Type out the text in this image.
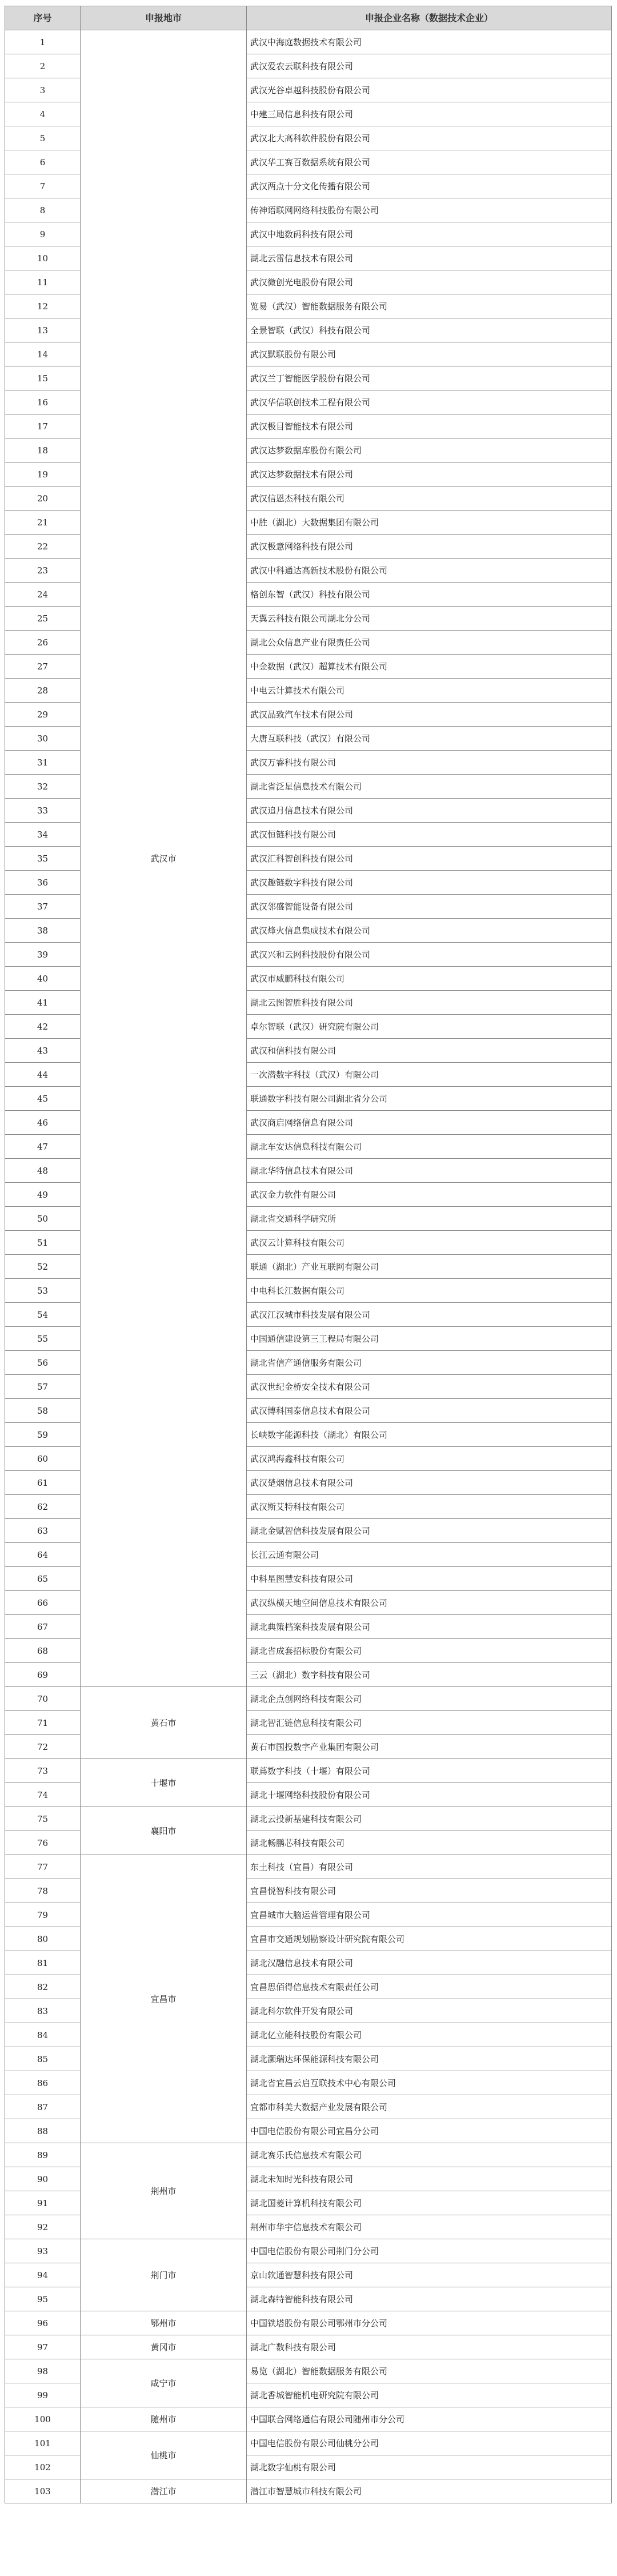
序号	申报地市	申报企业名称（数据技术企业）
1	武汉市	武汉中海庭数据技术有限公司
2		武汉爱农云联科技有限公司
3		武汉光谷卓越科技股份有限公司
4		中建三局信息科技有限公司
5		武汉北大高科软件股份有限公司
6		武汉华工赛百数据系统有限公司
7		武汉两点十分文化传播有限公司
8		传神语联网网络科技股份有限公司
9		武汉中地数码科技有限公司
10		湖北云雷信息技术有限公司
11		武汉微创光电股份有限公司
12		览易（武汉）智能数据服务有限公司
13		全景智联（武汉）科技有限公司
14		武汉默联股份有限公司
15		武汉兰丁智能医学股份有限公司
16		武汉华信联创技术工程有限公司
17		武汉极目智能技术有限公司
18		武汉达梦数据库股份有限公司
19		武汉达梦数据技术有限公司
20		武汉信恩杰科技有限公司
21		中胜（湖北）大数据集团有限公司
22		武汉极意网络科技有限公司
23		武汉中科通达高新技术股份有限公司
24		格创东智（武汉）科技有限公司
25		天翼云科技有限公司湖北分公司
26		湖北公众信息产业有限责任公司
27		中金数据（武汉）超算技术有限公司
28		中电云计算技术有限公司
29		武汉晶致汽车技术有限公司
30		大唐互联科技（武汉）有限公司
31		武汉万睿科技有限公司
32		湖北省泛星信息技术有限公司
33		武汉追月信息技术有限公司
34		武汉恒链科技有限公司
35		武汉汇科智创科技有限公司
36		武汉趣链数字科技有限公司
37		武汉邻盛智能设备有限公司
38		武汉烽火信息集成技术有限公司
39		武汉兴和云网科技股份有限公司
40		武汉市威鹏科技有限公司
41		湖北云图智胜科技有限公司
42		卓尔智联（武汉）研究院有限公司
43		武汉和信科技有限公司
44		一次潜数字科技（武汉）有限公司
45		联通数字科技有限公司湖北省分公司
46		武汉商启网络信息有限公司
47		湖北车安达信息科技有限公司
48		湖北华特信息技术有限公司
49		武汉金力软件有限公司
50		湖北省交通科学研究所
51		武汉云计算科技有限公司
52		联通（湖北）产业互联网有限公司
53		中电科长江数据有限公司
54		武汉江汉城市科技发展有限公司
55		中国通信建设第三工程局有限公司
56		湖北省信产通信服务有限公司
57		武汉世纪金桥安全技术有限公司
58		武汉博科国泰信息技术有限公司
59		长峡数字能源科技（湖北）有限公司
60		武汉鸿海鑫科技有限公司
61		武汉楚烟信息技术有限公司
62		武汉斯艾特科技有限公司
63		湖北金赋智信科技发展有限公司
64		长江云通有限公司
65		中科星图慧安科技有限公司
66		武汉纵横天地空间信息技术有限公司
67		湖北典策档案科技发展有限公司
68		湖北省成套招标股份有限公司
69		三云（湖北）数字科技有限公司
70	黄石市	湖北企点创网络科技有限公司
71		湖北智汇链信息科技有限公司
72		黄石市国投数字产业集团有限公司
73	十堰市	联蔦数字科技（十堰）有限公司
74		湖北十堰网络科技股份有限公司
75	襄阳市	湖北云投新基建科技有限公司
76		湖北畅鹏芯科技有限公司
77	宜昌市	东土科技（宜昌）有限公司
78		宜昌悦智科技有限公司
79		宜昌城市大脑运营管理有限公司
80		宜昌市交通规划勘察设计研究院有限公司
81		湖北汉融信息技术有限公司
82		宜昌思佰得信息技术有限责任公司
83		湖北科尔软件开发有限公司
84		湖北亿立能科技股份有限公司
85		湖北灏瑞达环保能源科技有限公司
86		湖北省宜昌云启互联技术中心有限公司
87		宜都市科美大数据产业发展有限公司
88		中国电信股份有限公司宜昌分公司
89	荆州市	湖北赛乐氏信息技术有限公司
90		湖北未知时光科技有限公司
91		湖北国菱计算机科技有限公司
92		荆州市华宇信息技术有限公司
93	荆门市	中国电信股份有限公司荆门分公司
94		京山软通智慧科技有限公司
95		湖北森特智能科技有限公司
96	鄂州市	中国铁塔股份有限公司鄂州市分公司
97	黄冈市	湖北广数科技有限公司
98	咸宁市	易览（湖北）智能数据服务有限公司
99		湖北香城智能机电研究院有限公司
100	随州市	中国联合网络通信有限公司随州市分公司
101	仙桃市	中国电信股份有限公司仙桃分公司
102		湖北数字仙桃有限公司
103	潜江市	潜江市智慧城市科技有限公司
